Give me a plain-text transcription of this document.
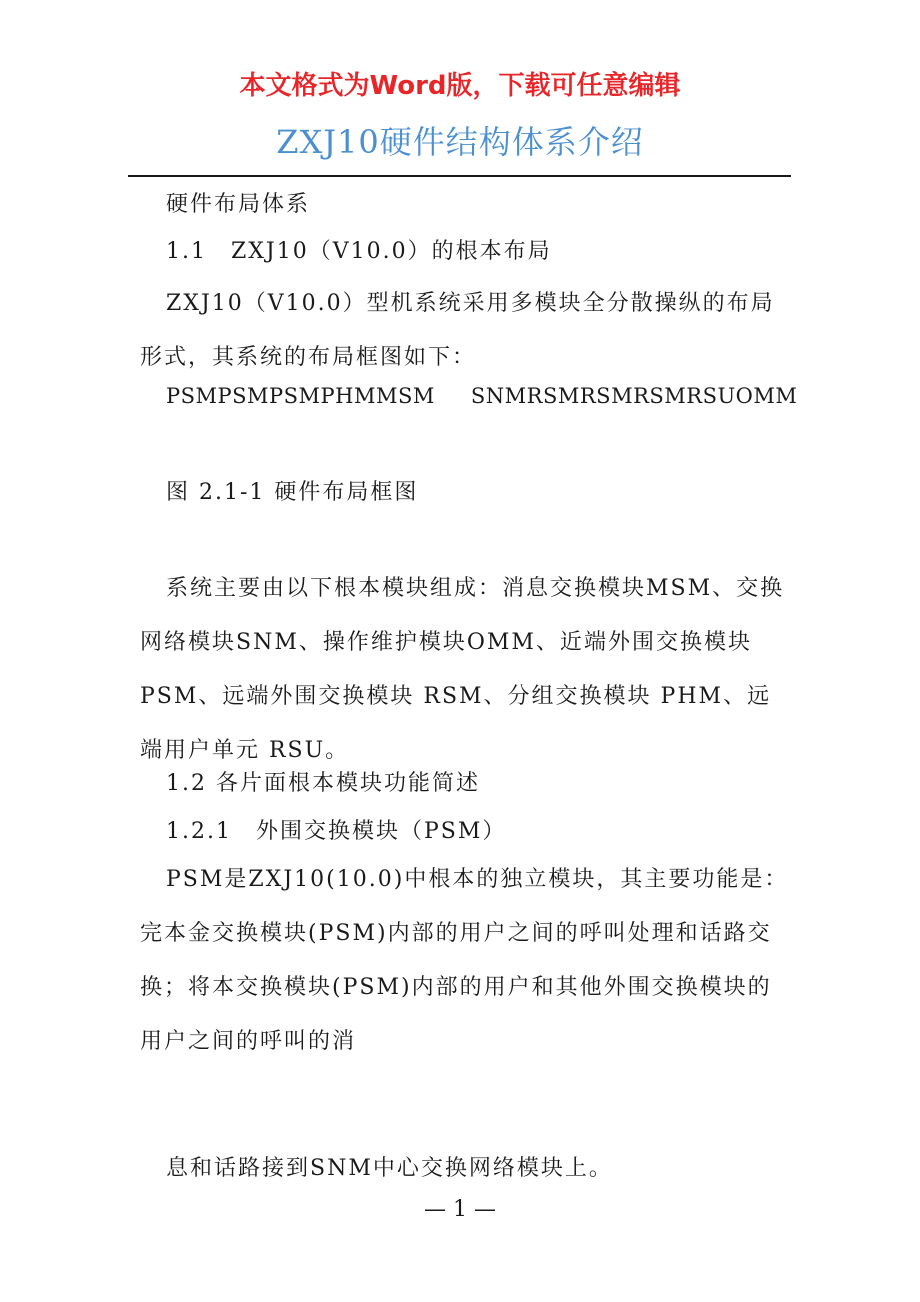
本文格式为Word版，下载可任意编辑
ZXJ10硬件结构体系介绍
硬件布局体系
1.1　ZXJ10（V10.0）的根本布局
ZXJ10（V10.0）型机系统采用多模块全分散操纵的布局形式，其系统的布局框图如下：
PSMPSMPSMPHMMSM SNMRSMRSMRSMRSUOMM
图 2.1-1 硬件布局框图
系统主要由以下根本模块组成：消息交换模块MSM、交换网络模块SNM、操作维护模块OMM、近端外围交换模块PSM、远端外围交换模块 RSM、分组交换模块 PHM、远端用户单元 RSU。
1.2 各片面根本模块功能简述
1.2.1　外围交换模块（PSM）
PSM是ZXJ10(10.0)中根本的独立模块，其主要功能是：完本金交换模块(PSM)内部的用户之间的呼叫处理和话路交换；将本交换模块(PSM)内部的用户和其他外围交换模块的用户之间的呼叫的消
息和话路接到SNM中心交换网络模块上。
— 1 —
